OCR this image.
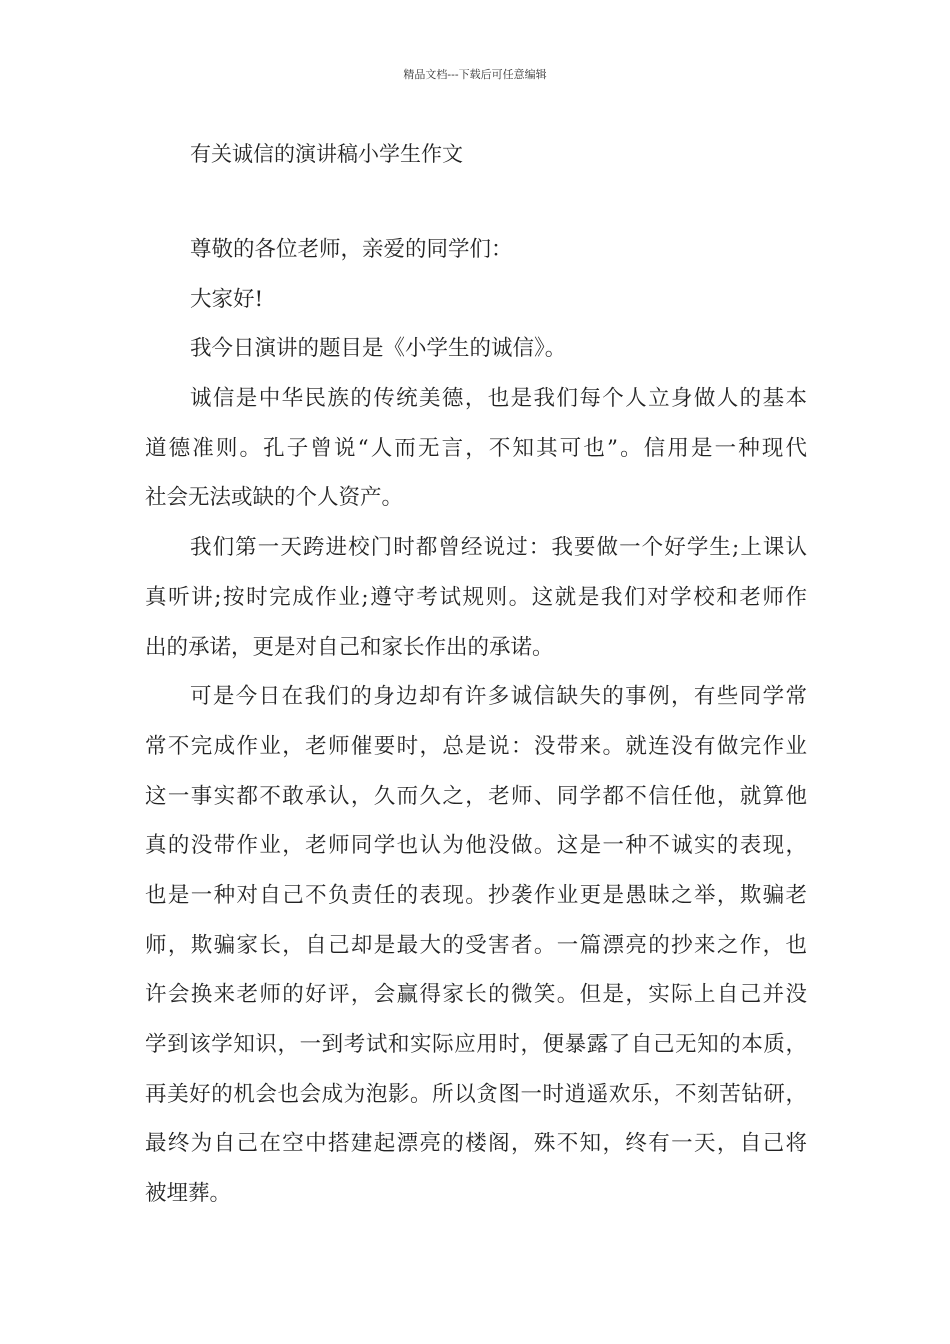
精品文档---下载后可任意编辑
有关诚信的演讲稿小学生作文
尊敬的各位老师，亲爱的同学们：
大家好!
我今日演讲的题目是《小学生的诚信》。
诚信是中华民族的传统美德，也是我们每个人立身做人的基本
道德准则。孔子曾说“人而无言，不知其可也”。信用是一种现代
社会无法或缺的个人资产。
我们第一天跨进校门时都曾经说过：我要做一个好学生;上课认
真听讲;按时完成作业;遵守考试规则。这就是我们对学校和老师作
出的承诺，更是对自己和家长作出的承诺。
可是今日在我们的身边却有许多诚信缺失的事例，有些同学常
常不完成作业，老师催要时，总是说：没带来。就连没有做完作业
这一事实都不敢承认，久而久之，老师、同学都不信任他，就算他
真的没带作业，老师同学也认为他没做。这是一种不诚实的表现，
也是一种对自己不负责任的表现。抄袭作业更是愚昧之举，欺骗老
师，欺骗家长，自己却是最大的受害者。一篇漂亮的抄来之作，也
许会换来老师的好评，会赢得家长的微笑。但是，实际上自己并没
学到该学知识，一到考试和实际应用时，便暴露了自己无知的本质，
再美好的机会也会成为泡影。所以贪图一时逍遥欢乐，不刻苦钻研，
最终为自己在空中搭建起漂亮的楼阁，殊不知，终有一天，自己将
被埋葬。
